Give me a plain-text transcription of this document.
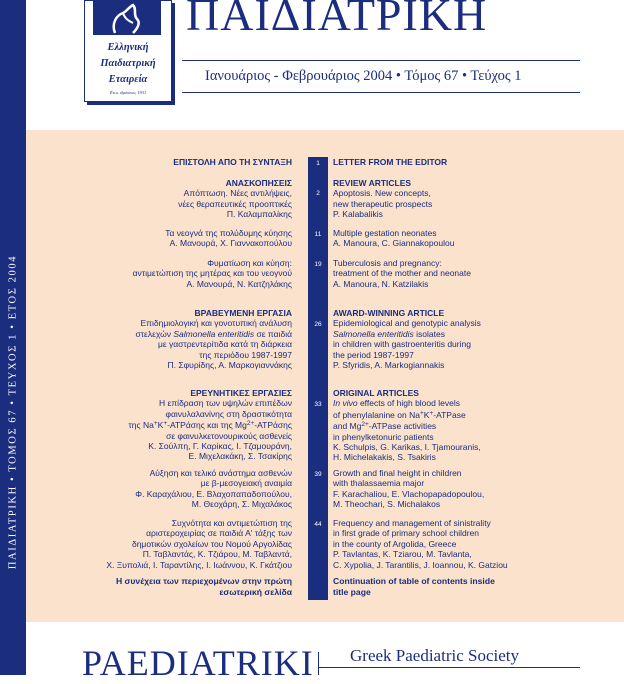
ΠΑΙΔΙΑΤΡΙΚΗ • ΤΟΜΟΣ 67 • ΤΕΥΧΟΣ 1 • ΕΤΟΣ 2004
Ελληνική
Παιδιατρική
Εταιρεία
Έτος ιδρύσεως 1931
ΠΑΙΔΙΑΤΡΙΚΗ
Ιανουάριος - Φεβρουάριος 2004 • Τόμος 67 • Τεύχος 1
1
ΕΠΙΣΤΟΛΗ ΑΠΟ ΤΗ ΣΥΝΤΑΞΗ	LETTER FROM THE EDITOR
2
ΑΝΑΣΚΟΠΗΣΕΙΣ
Απόπτωση. Νέες αντιλήψεις,
νέες θεραπευτικές προοπτικές
Π. Καλαμπαλίκης
REVIEW ARTICLES
Apoptosis. New concepts,
new therapeutic prospects
P. Kalabalikis
11
Τα νεογνά της πολύδυμης κύησης
Α. Μανουρά, Χ. Γιανναкοπούλου
Multiple gestation neonates
A. Manoura, C. Giannakopoulou
19
Φυματίωση και κύηση:
αντιμετώπιση της μητέρας και του νεογνού
Α. Μανουρά, Ν. Κατζηλάκης
Tuberculosis and pregnancy:
treatment of the mother and neonate
A. Manoura, N. Katzilakis
26
ΒΡΑΒΕΥΜΕΝΗ ΕΡΓΑΣΙΑ
Επιδημιολογική και γονοτυπική ανάλυση
στελεχών Salmonella enteritidis σε παιδιά
με γαστρεντερίτιδα κατά τη διάρκεια
της περιόδου 1987-1997
Π. Σφυρίδης, Α. Μαρκογιαννάκης
AWARD-WINNING ARTICLE
Epidemiological and genotypic analysis
Salmonella enteritidis isolates
in children with gastroenteritis during
the period 1987-1997
P. Sfyridis, A. Markogiannakis
33
ΕΡΕΥΝΗΤΙΚΕΣ ΕΡΓΑΣΙΕΣ
Η επίδραση των υψηλών επιπέδων
φαινυλαλανίνης στη δραστικότητα
της Na+K+-ATPάσης και της $Mg^{2+}$-ATPάσης
σε φαινυλκετονουρικούς ασθενείς
Κ. Σούλπη, Γ. Καρίκας, Ι. Τζαμουράνη,
Ε. Μιχελακάκη, Σ. Τσακίρης
ORIGINAL ARTICLES
In vivo effects of high blood levels
of phenylalanine on Na+K+-ATPase
and $Mg^{2+}$-ATPase activities
in phenylketonuric patients
K. Schulpis, G. Karikas, I. Tjamouranis,
H. Michelakakis, S. Tsakiris
39
Αύξηση και τελικό ανάστημα ασθενών
με β-μεσογειακή αναιμία
Φ. Καραχάλιου, Ε. Βλαχοπαπαδοπούλου,
Μ. Θεοχάρη, Σ. Μιχαλάκος
Growth and final height in children
with thalassaemia major
F. Karachaliou, E. Vlachopapadopoulou,
M. Theochari, S. Michalakos
44
Συχνότητα και αντιμετώπιση της
αριστεροχειρίας σε παιδιά Α' τάξης των
δημοτικών σχολείων του Νομού Αργολίδας
Π. Ταβλαντάς, Κ. Τζιάρου, Μ. Ταβλαντά,
Χ. Ξυπολιά, Ι. Ταραντίλης, Ι. Ιωάννου, Κ. Γκάτζιου
Frequency and management of sinistrality
in first grade of primary school children
in the county of Argolida, Greece
P. Tavlantas, K. Tziarou, M. Tavlanta,
C. Xypolia, J. Tarantilis, J. Ioannou, K. Gatziou
Η συνέχεια των περιεχομένων στην πρώτη
εσωτερική σελίδα
Continuation of table of contents inside
title page
PAEDIATRIKI Greek Paediatric Society
